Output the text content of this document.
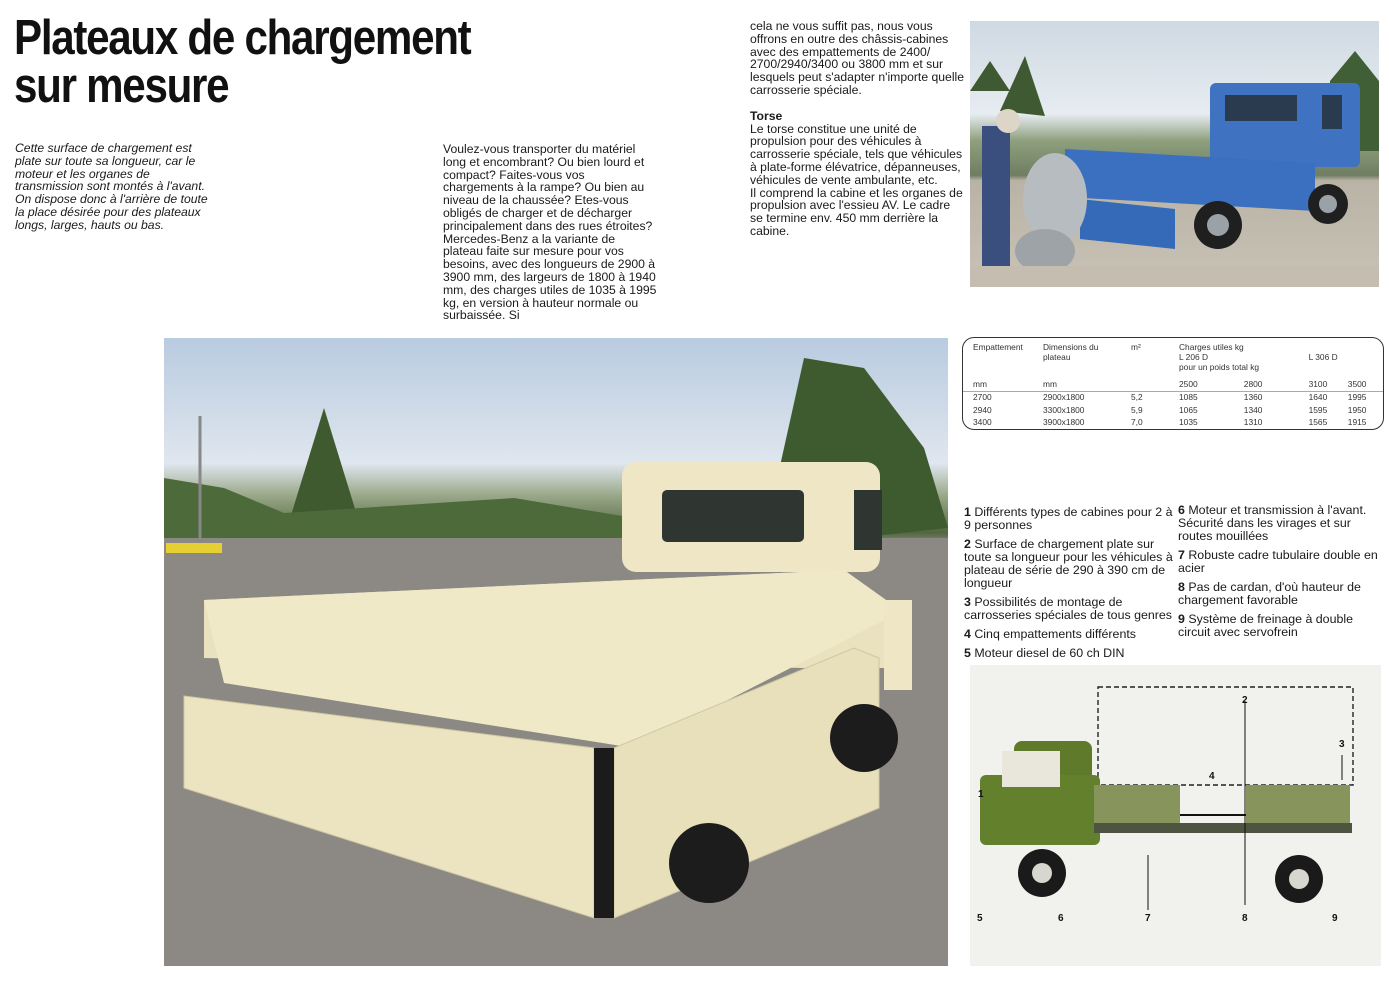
Plateaux de chargement sur mesure
Cette surface de chargement est plate sur toute sa longueur, car le moteur et les organes de transmission sont montés à l'avant. On dispose donc à l'arrière de toute la place désirée pour des plateaux longs, larges, hauts ou bas.
Voulez-vous transporter du matériel long et encombrant? Ou bien lourd et compact? Faites-vous vos chargements à la rampe? Ou bien au niveau de la chaussée? Etes-vous obligés de charger et de décharger principalement dans des rues étroites? Mercedes-Benz a la variante de plateau faite sur mesure pour vos besoins, avec des longueurs de 2900 à 3900 mm, des largeurs de 1800 à 1940 mm, des charges utiles de 1035 à 1995 kg, en version à hauteur normale ou surbaissée. Si

cela ne vous suffit pas, nous vous offrons en outre des châssis-cabines avec des empattements de 2400/ 2700/2940/3400 ou 3800 mm et sur lesquels peut s'adapter n'importe quelle carrosserie spéciale.

Torse

Le torse constitue une unité de propulsion pour des véhicules à carrosserie spéciale, tels que véhicules à plate-forme élévatrice, dépanneuses, véhicules de vente ambulante, etc.

Il comprend la cabine et les organes de propulsion avec l'essieu AV. Le cadre se termine env. 450 mm derrière la cabine.

Empattement	Dimensions du plateau	m²	Charges utiles kg
L 206 D
pour un poids total kg		L 306 D	
mm	mm		2500	2800	3100	3500
2700	2900x1800	5,2	1085	1360	1640	1995
2940	3300x1800	5,9	1065	1340	1595	1950
3400	3900x1800	7,0	1035	1310	1565	1915

1 Différents types de cabines pour 2 à 9 personnes

2 Surface de chargement plate sur toute sa longueur pour les véhicules à plateau de série de 290 à 390 cm de longueur

3 Possibilités de montage de carrosseries spéciales de tous genres

4 Cinq empattements différents

5 Moteur diesel de 60 ch DIN

6 Moteur et transmission à l'avant. Sécurité dans les virages et sur routes mouillées

7 Robuste cadre tubulaire double en acier

8 Pas de cardan, d'où hauteur de chargement favorable

9 Système de freinage à double circuit avec servofrein

1
2
3
4
5	6	7	8	9
